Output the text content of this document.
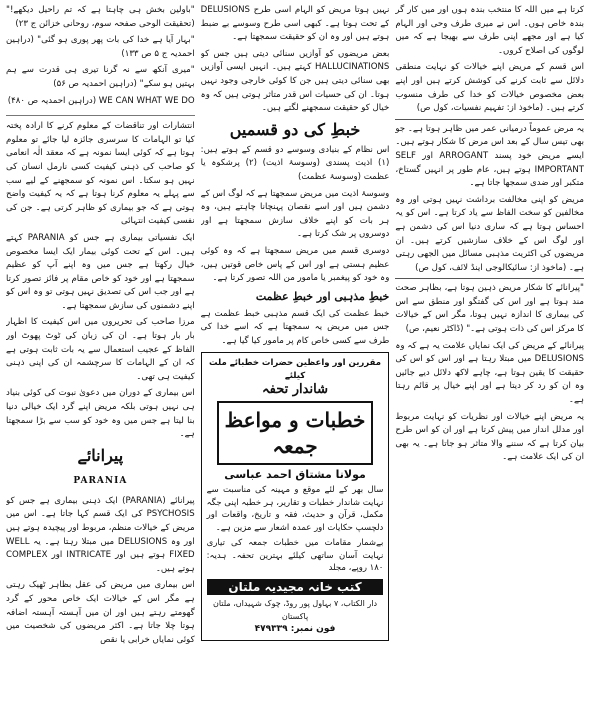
"باولین بخش ہی چاہتا ہے کہ تم راحیل دیکھے!" (تحقیقت الوحی صفحہ سوم، روحانی خزائن ج ۲۳)

"بہار آیا ہے خدا کی بات پھر پوری ہو گئی" (دراہین احمدیہ ج ۵ ص ۱۳۳)

"میری آنکھ سے نہ گرنا تیری ہی قدرت سے ہم بہتیں ہو سکے" (دراہین احمدیہ ص ۵۶)

WE CAN WHAT WE DO (دراہین احمدیہ ص ۴۸۰)

انتشارات اور تناقضات کے معلوم کرنے کا ارادہ پختہ کیا تو الہامات کا سرسری جائزہ لیا جائے تو معلوم ہوتا ہے کہ کوئی ایسا نمونہ ہے کہ معقد الٰہ انعامی کو صاحب کی ذہنی کیفیت کسی نارمل انسان کی نہیں ہو سکتا۔ اس نمونہ کو سمجھنے کے لیے سب سے پہلے یہ معلوم کرنا ہوتا ہے کہ یہ کیفیت واضح ہوتی ہے کہ جو بیماری کو ظاہر کرتی ہے۔ جن کی نفسی کیفیت انتہائی

ایک نفسیاتی بیماری ہے جس کو PARANIA کہتے ہیں۔ اس کے تحت کوئی بیمار ایک ایسا مخصوص خیال رکھتا ہے جس میں وہ اپنے آپ کو عظیم سمجھتا ہے اور خود کو خاص مقام پر فائز تصور کرتا ہے اور جب اس کی تصدیق نہیں ہوتی تو وہ اس کو اپنے دشمنوں کی سازش سمجھتا ہے۔

مرزا صاحب کی تحریروں میں اس کیفیت کا اظہار بار بار ہوتا ہے۔ ان کی زبان کی ٹوٹ پھوٹ اور الفاظ کے عجیب استعمال سے یہ بات ثابت ہوتی ہے کہ ان کے الہامات کا سرچشمہ ان کی اپنی ذہنی کیفیت ہی تھی۔

اس بیماری کے دوران میں دعویٰ نبوت کی کوئی بنیاد ہی نہیں ہوتی بلکہ مریض اپنے گرد ایک خیالی دنیا بنا لیتا ہے جس میں وہ خود کو سب سے بڑا سمجھتا ہے۔

پیرانائے
PARANIA

پیرانائے (PARANIA) ایک ذہنی بیماری ہے جس کو PSYCHOSIS کی ایک قسم کہا جاتا ہے۔ اس میں مریض کے خیالات منظم، مربوط اور پیچیدہ ہوتے ہیں اور وہ DELUSIONS میں مبتلا رہتا ہے۔ یہ WELL FIXED ہوتے ہیں اور INTRICATE اور COMPLEX ہوتے ہیں۔

اس بیماری میں مریض کی عقل بظاہر ٹھیک رہتی ہے مگر اس کے خیالات ایک خاص محور کے گرد گھومتے رہتے ہیں اور ان میں آہستہ آہستہ اضافہ ہوتا چلا جاتا ہے۔ اکثر مریضوں کی شخصیت میں کوئی نمایاں خرابی یا نقص

نہیں ہوتا مریض کو الہام اسی طرح DELUSIONS کے تحت ہوتا ہے۔ کبھی اسی طرح وسوسے بے ضبط ہوتے ہیں اور وہ ان کو حقیقت سمجھتا ہے۔

بعض مریضوں کو آوازیں سنائی دیتی ہیں جس کو HALLUCINATIONS کہتے ہیں۔ انہیں ایسی آوازیں بھی سنائی دیتی ہیں جن کا کوئی خارجی وجود نہیں ہوتا۔ ان کی حسیات اس قدر متاثر ہوتی ہیں کہ وہ خیال کو حقیقت سمجھنے لگتے ہیں۔

خبطِ کی دو قسمیں

اس نظام کے بنیادی وسوسے دو قسم کے ہوتے ہیں: (۱) اذیت پسندی (وسوسۂ اذیت) (۲) پرشکوہ یا عظمت (وسوسۂ عظمت)

وسوسۂ اذیت میں مریض سمجھتا ہے کہ لوگ اس کے دشمن ہیں اور اسے نقصان پہنچانا چاہتے ہیں، وہ ہر بات کو اپنے خلاف سازش سمجھتا ہے اور دوسروں پر شک کرتا ہے۔

دوسری قسم میں مریض سمجھتا ہے کہ وہ کوئی عظیم ہستی ہے اور اس کے پاس خاص قوتیں ہیں، وہ خود کو پیغمبر یا مامور من اللہ تصور کرتا ہے۔

خبطِ مذہبی اور خبطِ عظمت

خبط عظمت کی ایک قسم مذہبی خبط عظمت ہے جس میں مریض یہ سمجھتا ہے کہ اسے خدا کی طرف سے کسی خاص کام پر مامور کیا گیا ہے۔

مقررین اور واعظین حضرات خطبائے ملت کیلئے
شاندار تحفہ
خطبات و مواعظ جمعہ
مولانا مشتاق احمد عباسی
سال بھر کے لئے موقع و مہینہ کی مناسبت سے نہایت شاندار خطبات و تقاریر، ہر خطبہ اپنی جگہ مکمل، قرآن و حدیث، فقہ و تاریخ، واقعات اور دلچسپ حکایات اور عمدہ اشعار سے مزین ہے۔
بےشمار مقامات میں خطبات جمعہ کی تیاری نہایت آسان ساتھی کیلئے بہترین تحفہ۔ ہدیہ: ۱۸۰ روپے، مجلد
کتب خانہ مجیدیہ ملتان
دار الکتاب، ۷ بہاول پور روڈ، چوک شہیداں، ملتان پاکستان
فون نمبر: ۴۷۹۳۳۹

کرتا ہے میں اللہ کا منتخب بندہ ہوں اور میں کار گر بندہ خاص ہوں۔ اس نے میری طرف وحی اور الہام کیا ہے اور مجھے اپنی طرف سے بھیجا ہے کہ میں لوگوں کی اصلاح کروں۔

اس قسم کے مریض اپنے خیالات کو نہایت منطقی دلائل سے ثابت کرنے کی کوشش کرتے ہیں اور اپنے بعض مخصوص خیالات کو خدا کی طرف منسوب کرتے ہیں۔ (ماخوذ از: تفہیم نفسیات، کول ص)

یہ مرض عموماً درمیانی عمر میں ظاہر ہوتا ہے۔ جو بھی تیس سال کے بعد اس مرض کا شکار ہوتے ہیں۔ ایسے مریض خود پسند ARROGANT اور SELF IMPORTANT ہوتے ہیں، عام طور پر انہیں گستاخ، متکبر اور ضدی سمجھا جاتا ہے۔

مریض کو اپنی مخالفت برداشت نہیں ہوتی اور وہ مخالفین کو سخت الفاظ سے یاد کرتا ہے۔ اس کو یہ احساس ہوتا ہے کہ ساری دنیا اس کی دشمن ہے اور لوگ اس کے خلاف سازشیں کرتے ہیں۔ ان مریضوں کی اکثریت مذہبی مسائل میں الجھی رہتی ہے۔ (ماخوذ از: سائیکالوجی اینڈ لائف، کول ص)

"پیرانائے کا شکار مریض ذہین ہوتا ہے، بظاہر صحت مند ہوتا ہے اور اس کی گفتگو اور منطق سے اس کی بیماری کا اندازہ نہیں ہوتا، مگر اس کے خیالات کا مرکز اس کی ذات ہوتی ہے۔" (ڈاکٹر نعیم، ص)

پیرانائے کے مریض کی ایک نمایاں علامت یہ ہے کہ وہ DELUSIONS میں مبتلا رہتا ہے اور اس کو اس کی حقیقت کا یقین ہوتا ہے، چاہے لاکھ دلائل دیے جائیں وہ ان کو رد کر دیتا ہے اور اپنے خیال پر قائم رہتا ہے۔

یہ مریض اپنے خیالات اور نظریات کو نہایت مربوط اور مدلل انداز میں پیش کرتا ہے اور ان کو اس طرح بیان کرتا ہے کہ سننے والا متاثر ہو جاتا ہے۔ یہ بھی ان کی ایک علامت ہے۔
